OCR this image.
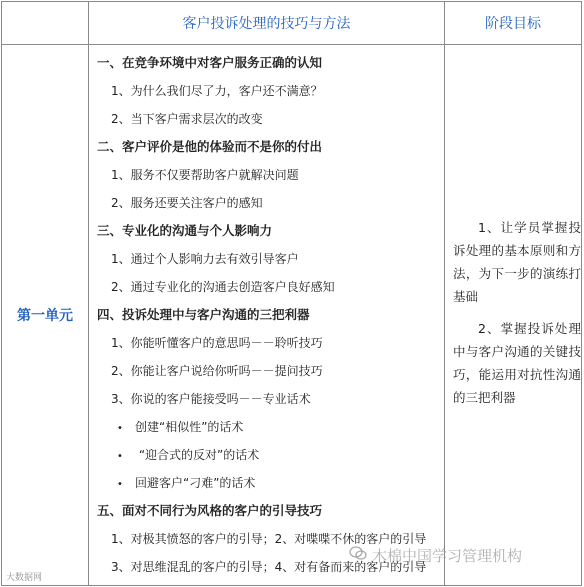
客户投诉处理的技巧与方法	阶段目标
第一单元
一、在竞争环境中对客户服务正确的认知
1、为什么我们尽了力，客户还不满意？
2、当下客户需求层次的改变
二、客户评价是他的体验而不是你的付出
1、服务不仅要帮助客户就解决问题
2、服务还要关注客户的感知
三、专业化的沟通与个人影响力
1、通过个人影响力去有效引导客户
2、通过专业化的沟通去创造客户良好感知
四、投诉处理中与客户沟通的三把利器
1、你能听懂客户的意思吗－－聆听技巧
2、你能让客户说给你听吗－－提问技巧
3、你说的客户能接受吗－－专业话术
• 创建“相似性”的话术
• “迎合式的反对”的话术
• 回避客户“刁难”的话术
五、面对不同行为风格的客户的引导技巧
1、对极其愤怒的客户的引导；2、对喋喋不休的客户的引导
3、对思维混乱的客户的引导；4、对有备而来的客户的引导
1、让学员掌握投诉处理的基本原则和方法，为下一步的演练打基础
2、掌握投诉处理中与客户沟通的关键技巧，能运用对抗性沟通的三把利器
木棉中国学习管理机构
大数据网
